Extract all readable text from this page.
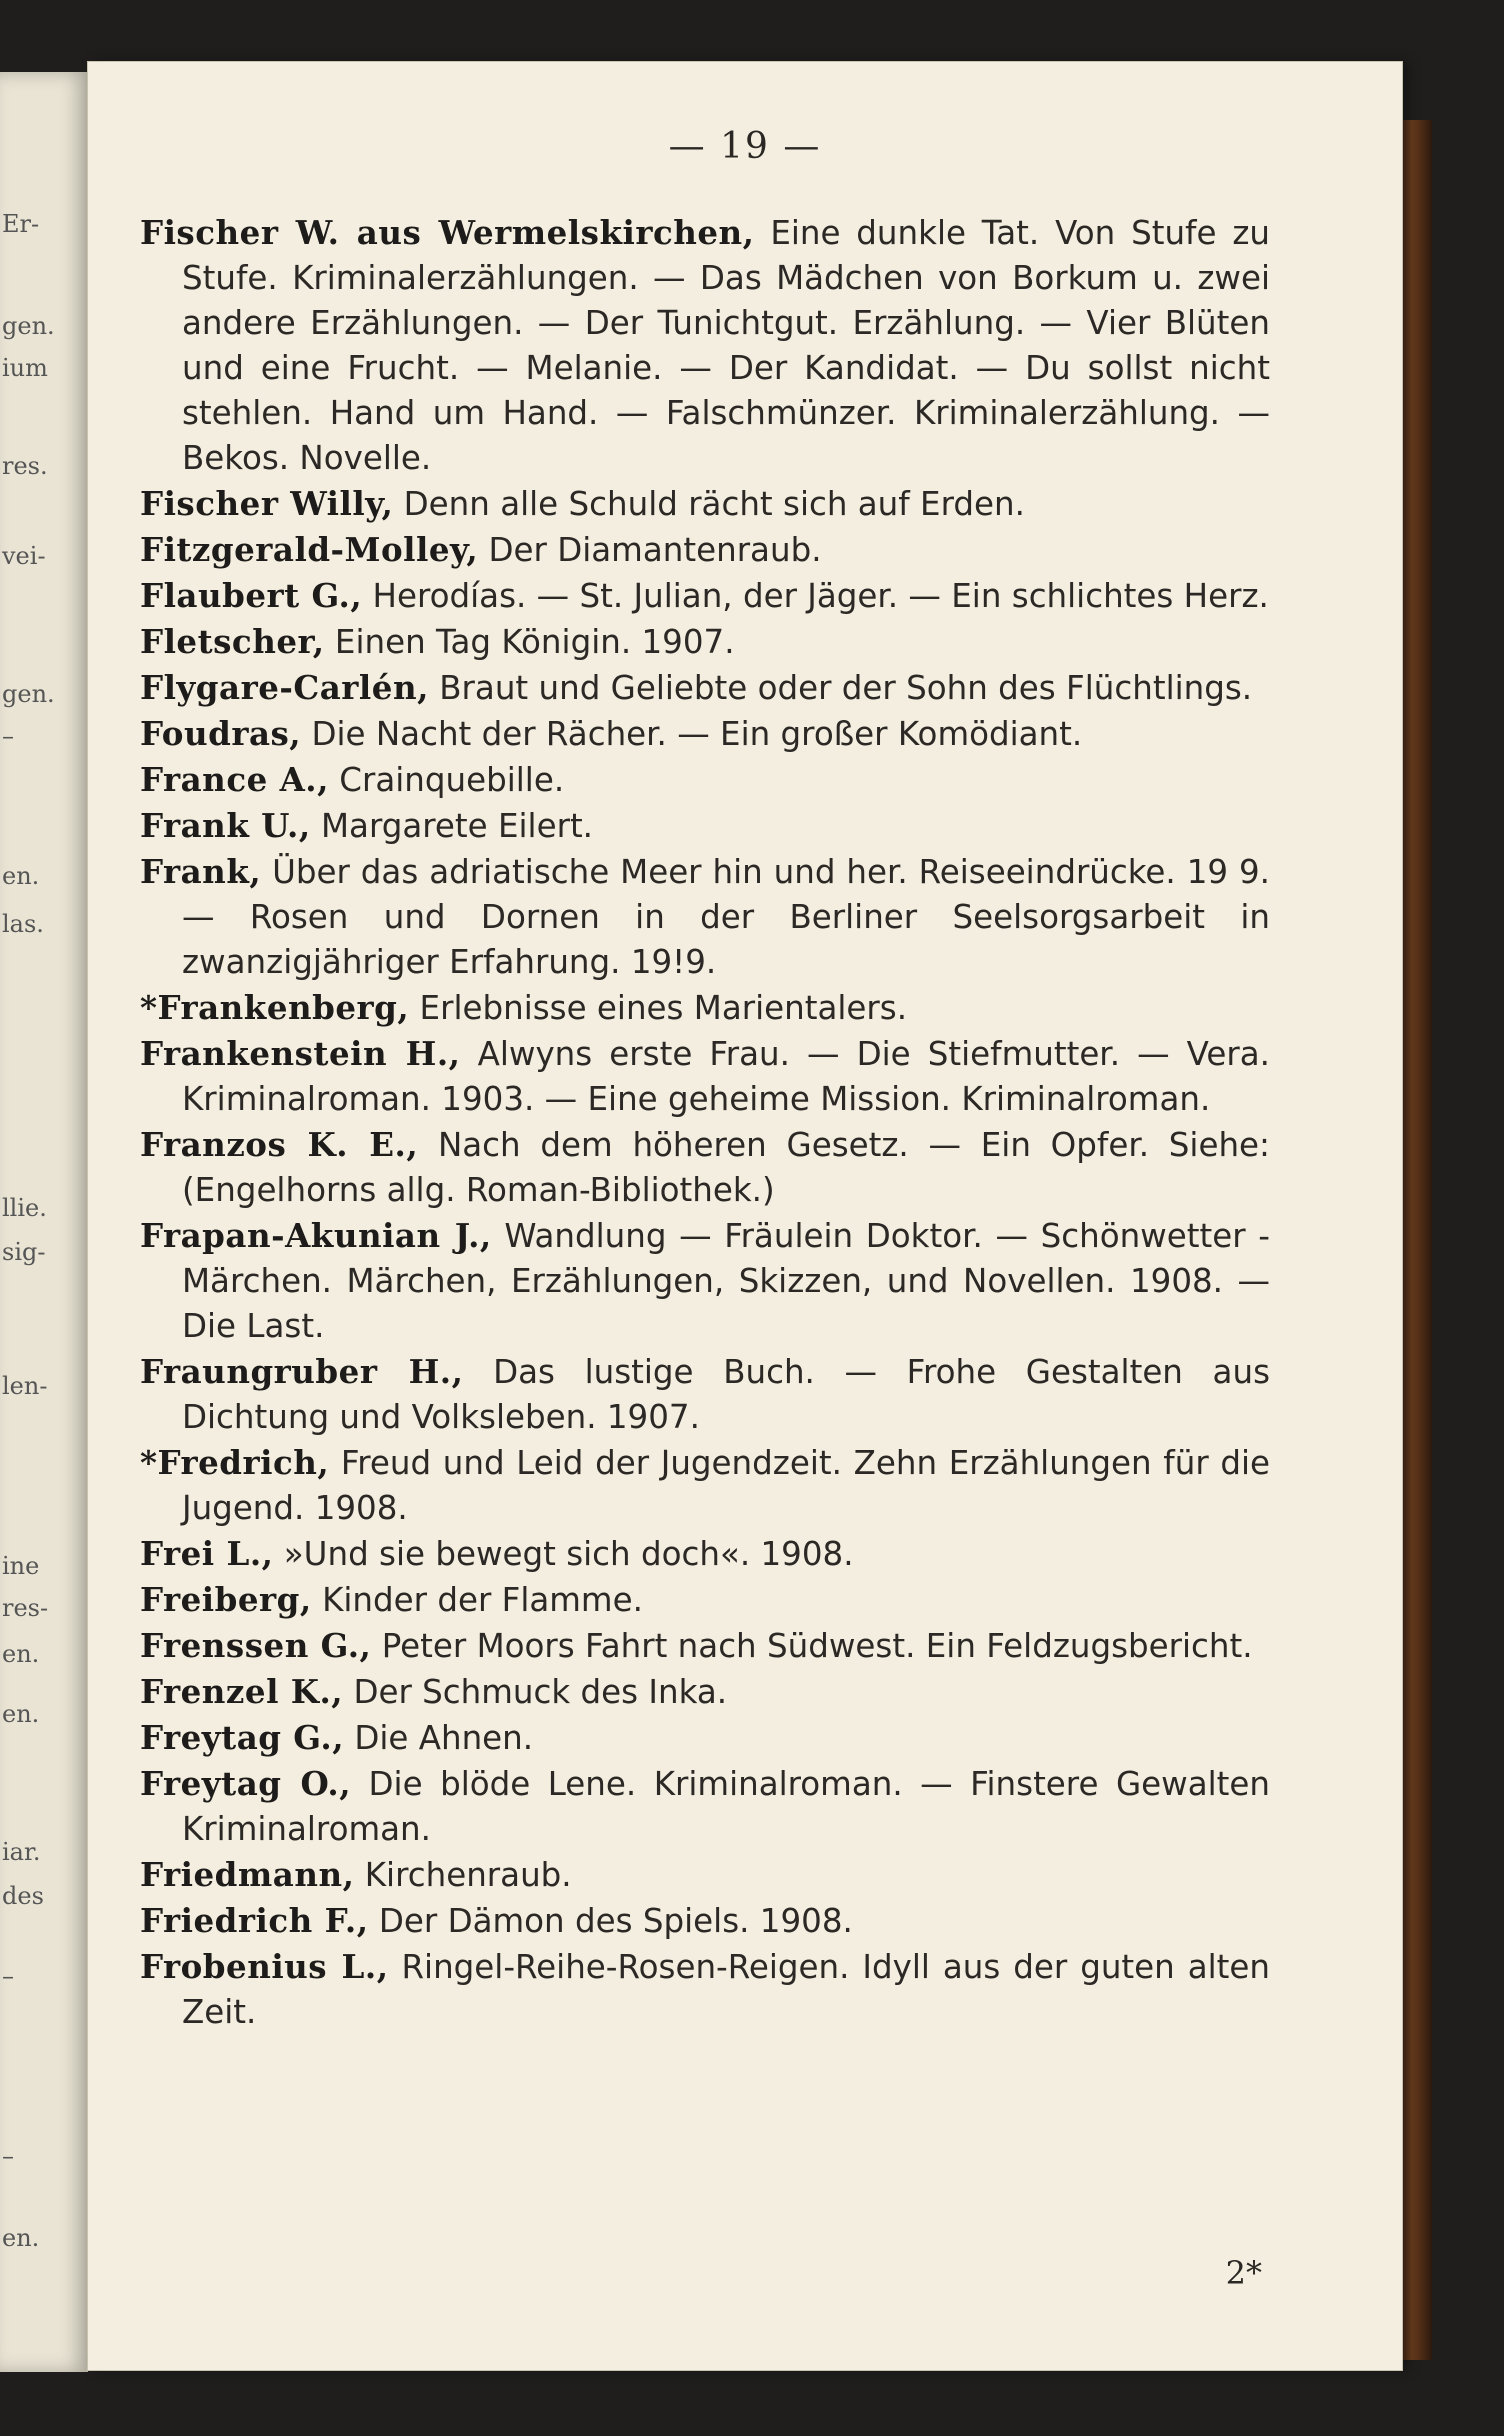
Er-
gen.
ium
res.
vei-
gen.
–
en.
las.
llie.
sig-
len-
ine
res-
en.
en.
iar.
des
–
–
en.
— 19 —

Fischer W. aus Wermelskirchen, Eine dunkle Tat. Von Stufe zu Stufe. Kriminalerzählungen. — Das Mädchen von Borkum u. zwei andere Erzählungen. — Der Tunichtgut. Erzählung. — Vier Blüten und eine Frucht. — Melanie. — Der Kandidat. — Du sollst nicht stehlen. Hand um Hand. — Falschmünzer. Kriminalerzählung. — Bekos. Novelle.

Fischer Willy, Denn alle Schuld rächt sich auf Erden.

Fitzgerald-Molley, Der Diamantenraub.

Flaubert G., Herodías. — St. Julian, der Jäger. — Ein schlichtes Herz.

Fletscher, Einen Tag Königin. 1907.

Flygare-Carlén, Braut und Geliebte oder der Sohn des Flüchtlings.

Foudras, Die Nacht der Rächer. — Ein großer Komödiant.

France A., Crainquebille.

Frank U., Margarete Eilert.

Frank, Über das adriatische Meer hin und her. Reiseeindrücke. 19 9. — Rosen und Dornen in der Berliner Seelsorgsarbeit in zwanzigjähriger Erfahrung. 19!9.

*Frankenberg, Erlebnisse eines Marientalers.

Frankenstein H., Alwyns erste Frau. — Die Stiefmutter. — Vera. Kriminalroman. 1903. — Eine geheime Mission. Kriminalroman.

Franzos K. E., Nach dem höheren Gesetz. — Ein Opfer. Siehe: (Engelhorns allg. Roman-Bibliothek.)

Frapan-Akunian J., Wandlung — Fräulein Doktor. — Schönwetter - Märchen. Märchen, Erzählungen, Skizzen, und Novellen. 1908. — Die Last.

Fraungruber H., Das lustige Buch. — Frohe Gestalten aus Dichtung und Volksleben. 1907.

*Fredrich, Freud und Leid der Jugendzeit. Zehn Erzählungen für die Jugend. 1908.

Frei L., »Und sie bewegt sich doch«. 1908.

Freiberg, Kinder der Flamme.

Frenssen G., Peter Moors Fahrt nach Südwest. Ein Feldzugsbericht.

Frenzel K., Der Schmuck des Inka.

Freytag G., Die Ahnen.

Freytag O., Die blöde Lene. Kriminalroman. — Finstere Gewalten Kriminalroman.

Friedmann, Kirchenraub.

Friedrich F., Der Dämon des Spiels. 1908.

Frobenius L., Ringel-Reihe-Rosen-Reigen. Idyll aus der guten alten Zeit.

2*
